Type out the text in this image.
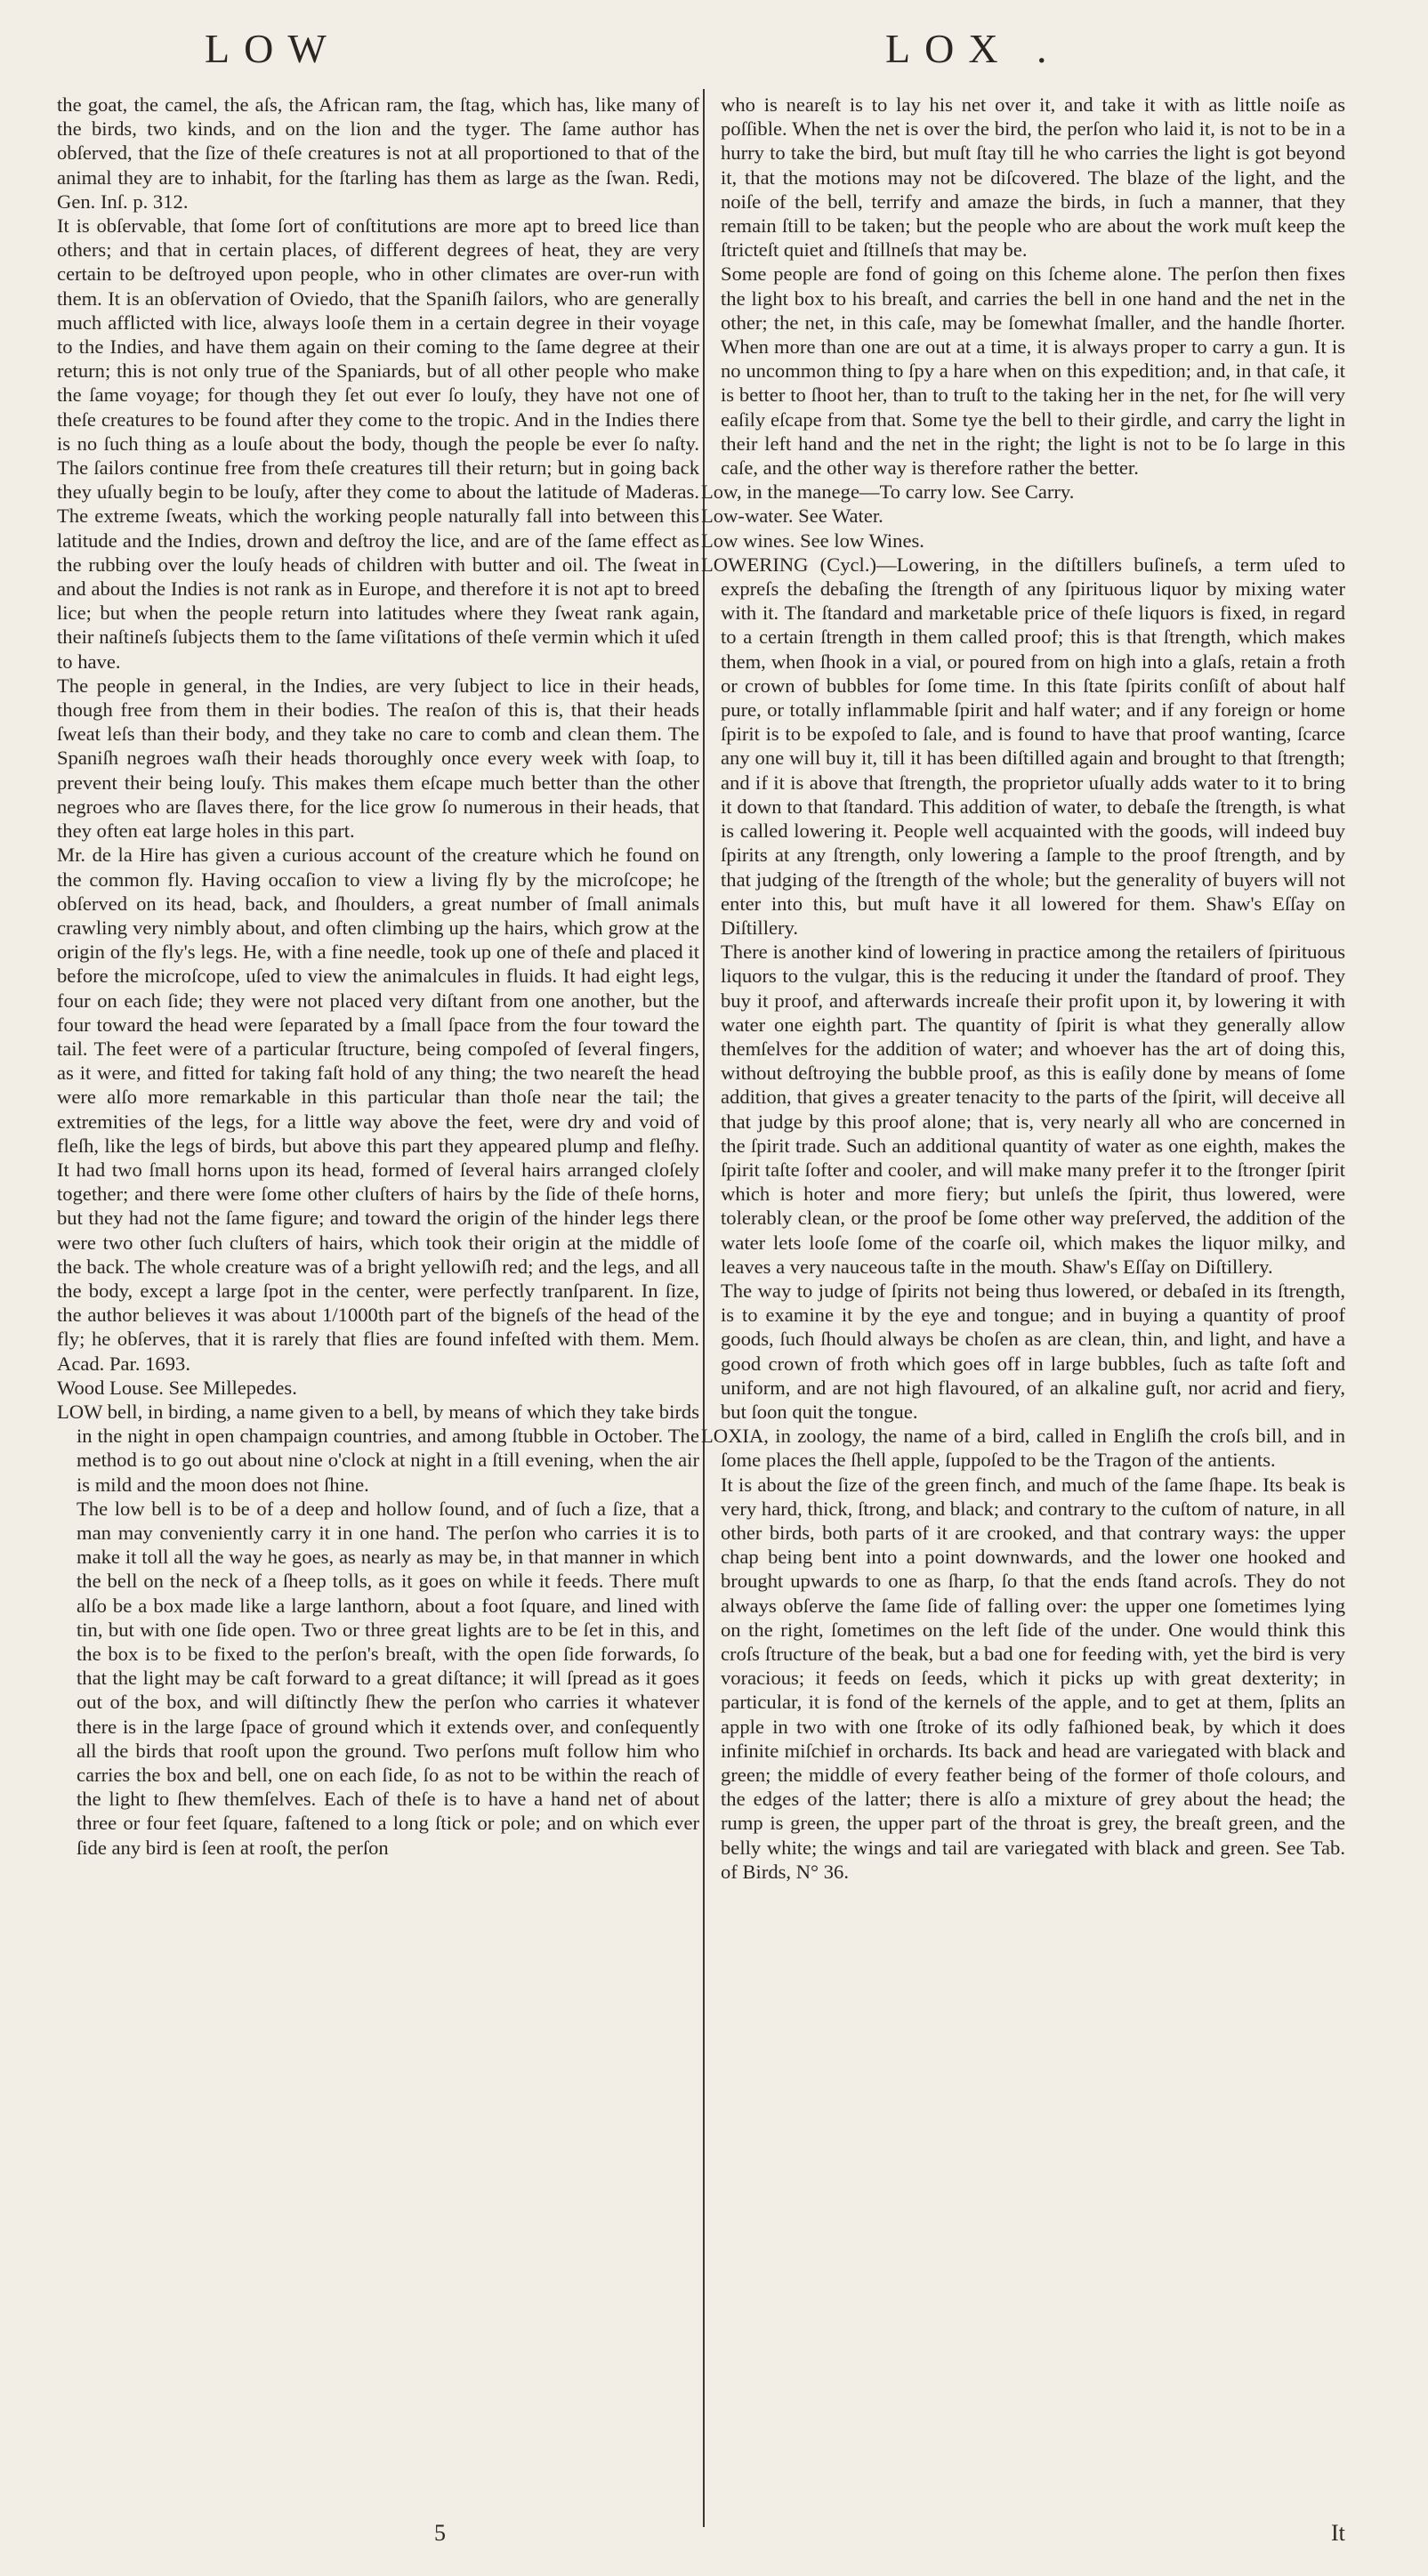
LOW	LOX .

the goat, the camel, the aſs, the African ram, the ſtag, which has, like many of the birds, two kinds, and on the lion and the tyger. The ſame author has obſerved, that the ſize of theſe creatures is not at all proportioned to that of the animal they are to inhabit, for the ſtarling has them as large as the ſwan. Redi, Gen. Inſ. p. 312.

It is obſervable, that ſome ſort of conſtitutions are more apt to breed lice than others; and that in certain places, of different degrees of heat, they are very certain to be deſtroyed upon people, who in other climates are over-run with them. It is an obſervation of Oviedo, that the Spaniſh ſailors, who are generally much afflicted with lice, always looſe them in a certain degree in their voyage to the Indies, and have them again on their coming to the ſame degree at their return; this is not only true of the Spaniards, but of all other people who make the ſame voyage; for though they ſet out ever ſo louſy, they have not one of theſe creatures to be found after they come to the tropic. And in the Indies there is no ſuch thing as a louſe about the body, though the people be ever ſo naſty. The ſailors continue free from theſe creatures till their return; but in going back they uſually begin to be louſy, after they come to about the latitude of Maderas. The extreme ſweats, which the working people naturally fall into between this latitude and the Indies, drown and deſtroy the lice, and are of the ſame effect as the rubbing over the louſy heads of children with butter and oil. The ſweat in and about the Indies is not rank as in Europe, and therefore it is not apt to breed lice; but when the people return into latitudes where they ſweat rank again, their naſtineſs ſubjects them to the ſame viſitations of theſe vermin which it uſed to have.

The people in general, in the Indies, are very ſubject to lice in their heads, though free from them in their bodies. The reaſon of this is, that their heads ſweat leſs than their body, and they take no care to comb and clean them. The Spaniſh negroes waſh their heads thoroughly once every week with ſoap, to prevent their being louſy. This makes them eſcape much better than the other negroes who are ſlaves there, for the lice grow ſo numerous in their heads, that they often eat large holes in this part.

Mr. de la Hire has given a curious account of the creature which he found on the common fly. Having occaſion to view a living fly by the microſcope; he obſerved on its head, back, and ſhoulders, a great number of ſmall animals crawling very nimbly about, and often climbing up the hairs, which grow at the origin of the fly's legs. He, with a fine needle, took up one of theſe and placed it before the microſcope, uſed to view the animalcules in fluids. It had eight legs, four on each ſide; they were not placed very diſtant from one another, but the four toward the head were ſeparated by a ſmall ſpace from the four toward the tail. The feet were of a particular ſtructure, being compoſed of ſeveral fingers, as it were, and fitted for taking faſt hold of any thing; the two neareſt the head were alſo more remarkable in this particular than thoſe near the tail; the extremities of the legs, for a little way above the feet, were dry and void of fleſh, like the legs of birds, but above this part they appeared plump and fleſhy. It had two ſmall horns upon its head, formed of ſeveral hairs arranged cloſely together; and there were ſome other cluſters of hairs by the ſide of theſe horns, but they had not the ſame figure; and toward the origin of the hinder legs there were two other ſuch cluſters of hairs, which took their origin at the middle of the back. The whole creature was of a bright yellowiſh red; and the legs, and all the body, except a large ſpot in the center, were perfectly tranſparent. In ſize, the author believes it was about 1/1000th part of the bigneſs of the head of the fly; he obſerves, that it is rarely that flies are found infeſted with them. Mem. Acad. Par. 1693.

Wood Louse. See Millepedes.

LOW bell, in birding, a name given to a bell, by means of which they take birds in the night in open champaign countries, and among ſtubble in October. The method is to go out about nine o'clock at night in a ſtill evening, when the air is mild and the moon does not ſhine.

The low bell is to be of a deep and hollow ſound, and of ſuch a ſize, that a man may conveniently carry it in one hand. The perſon who carries it is to make it toll all the way he goes, as nearly as may be, in that manner in which the bell on the neck of a ſheep tolls, as it goes on while it feeds. There muſt alſo be a box made like a large lanthorn, about a foot ſquare, and lined with tin, but with one ſide open. Two or three great lights are to be ſet in this, and the box is to be fixed to the perſon's breaſt, with the open ſide forwards, ſo that the light may be caſt forward to a great diſtance; it will ſpread as it goes out of the box, and will diſtinctly ſhew the perſon who carries it whatever there is in the large ſpace of ground which it extends over, and conſequently all the birds that rooſt upon the ground. Two perſons muſt follow him who carries the box and bell, one on each ſide, ſo as not to be within the reach of the light to ſhew themſelves. Each of theſe is to have a hand net of about three or four feet ſquare, faſtened to a long ſtick or pole; and on which ever ſide any bird is ſeen at rooſt, the perſon

who is neareſt is to lay his net over it, and take it with as little noiſe as poſſible. When the net is over the bird, the perſon who laid it, is not to be in a hurry to take the bird, but muſt ſtay till he who carries the light is got beyond it, that the motions may not be diſcovered. The blaze of the light, and the noiſe of the bell, terrify and amaze the birds, in ſuch a manner, that they remain ſtill to be taken; but the people who are about the work muſt keep the ſtricteſt quiet and ſtillneſs that may be.

Some people are fond of going on this ſcheme alone. The perſon then fixes the light box to his breaſt, and carries the bell in one hand and the net in the other; the net, in this caſe, may be ſomewhat ſmaller, and the handle ſhorter. When more than one are out at a time, it is always proper to carry a gun. It is no uncommon thing to ſpy a hare when on this expedition; and, in that caſe, it is better to ſhoot her, than to truſt to the taking her in the net, for ſhe will very eaſily eſcape from that. Some tye the bell to their girdle, and carry the light in their left hand and the net in the right; the light is not to be ſo large in this caſe, and the other way is therefore rather the better.

Low, in the manege—To carry low. See Carry.

Low-water. See Water.

Low wines. See low Wines.

LOWERING (Cycl.)—Lowering, in the diſtillers buſineſs, a term uſed to expreſs the debaſing the ſtrength of any ſpirituous liquor by mixing water with it. The ſtandard and marketable price of theſe liquors is fixed, in regard to a certain ſtrength in them called proof; this is that ſtrength, which makes them, when ſhook in a vial, or poured from on high into a glaſs, retain a froth or crown of bubbles for ſome time. In this ſtate ſpirits conſiſt of about half pure, or totally inflammable ſpirit and half water; and if any foreign or home ſpirit is to be expoſed to ſale, and is found to have that proof wanting, ſcarce any one will buy it, till it has been diſtilled again and brought to that ſtrength; and if it is above that ſtrength, the proprietor uſually adds water to it to bring it down to that ſtandard. This addition of water, to debaſe the ſtrength, is what is called lowering it. People well acquainted with the goods, will indeed buy ſpirits at any ſtrength, only lowering a ſample to the proof ſtrength, and by that judging of the ſtrength of the whole; but the generality of buyers will not enter into this, but muſt have it all lowered for them. Shaw's Eſſay on Diſtillery.

There is another kind of lowering in practice among the retailers of ſpirituous liquors to the vulgar, this is the reducing it under the ſtandard of proof. They buy it proof, and afterwards increaſe their profit upon it, by lowering it with water one eighth part. The quantity of ſpirit is what they generally allow themſelves for the addition of water; and whoever has the art of doing this, without deſtroying the bubble proof, as this is eaſily done by means of ſome addition, that gives a greater tenacity to the parts of the ſpirit, will deceive all that judge by this proof alone; that is, very nearly all who are concerned in the ſpirit trade. Such an additional quantity of water as one eighth, makes the ſpirit taſte ſofter and cooler, and will make many prefer it to the ſtronger ſpirit which is hoter and more fiery; but unleſs the ſpirit, thus lowered, were tolerably clean, or the proof be ſome other way preſerved, the addition of the water lets looſe ſome of the coarſe oil, which makes the liquor milky, and leaves a very nauceous taſte in the mouth. Shaw's Eſſay on Diſtillery.

The way to judge of ſpirits not being thus lowered, or debaſed in its ſtrength, is to examine it by the eye and tongue; and in buying a quantity of proof goods, ſuch ſhould always be choſen as are clean, thin, and light, and have a good crown of froth which goes off in large bubbles, ſuch as taſte ſoft and uniform, and are not high flavoured, of an alkaline guſt, nor acrid and fiery, but ſoon quit the tongue.

LOXIA, in zoology, the name of a bird, called in Engliſh the croſs bill, and in ſome places the ſhell apple, ſuppoſed to be the Tragon of the antients.

It is about the ſize of the green finch, and much of the ſame ſhape. Its beak is very hard, thick, ſtrong, and black; and contrary to the cuſtom of nature, in all other birds, both parts of it are crooked, and that contrary ways: the upper chap being bent into a point downwards, and the lower one hooked and brought upwards to one as ſharp, ſo that the ends ſtand acroſs. They do not always obſerve the ſame ſide of falling over: the upper one ſometimes lying on the right, ſometimes on the left ſide of the under. One would think this croſs ſtructure of the beak, but a bad one for feeding with, yet the bird is very voracious; it feeds on ſeeds, which it picks up with great dexterity; in particular, it is fond of the kernels of the apple, and to get at them, ſplits an apple in two with one ſtroke of its odly faſhioned beak, by which it does infinite miſchief in orchards. Its back and head are variegated with black and green; the middle of every feather being of the former of thoſe colours, and the edges of the latter; there is alſo a mixture of grey about the head; the rump is green, the upper part of the throat is grey, the breaſt green, and the belly white; the wings and tail are variegated with black and green. See Tab. of Birds, N° 36.

5	It
